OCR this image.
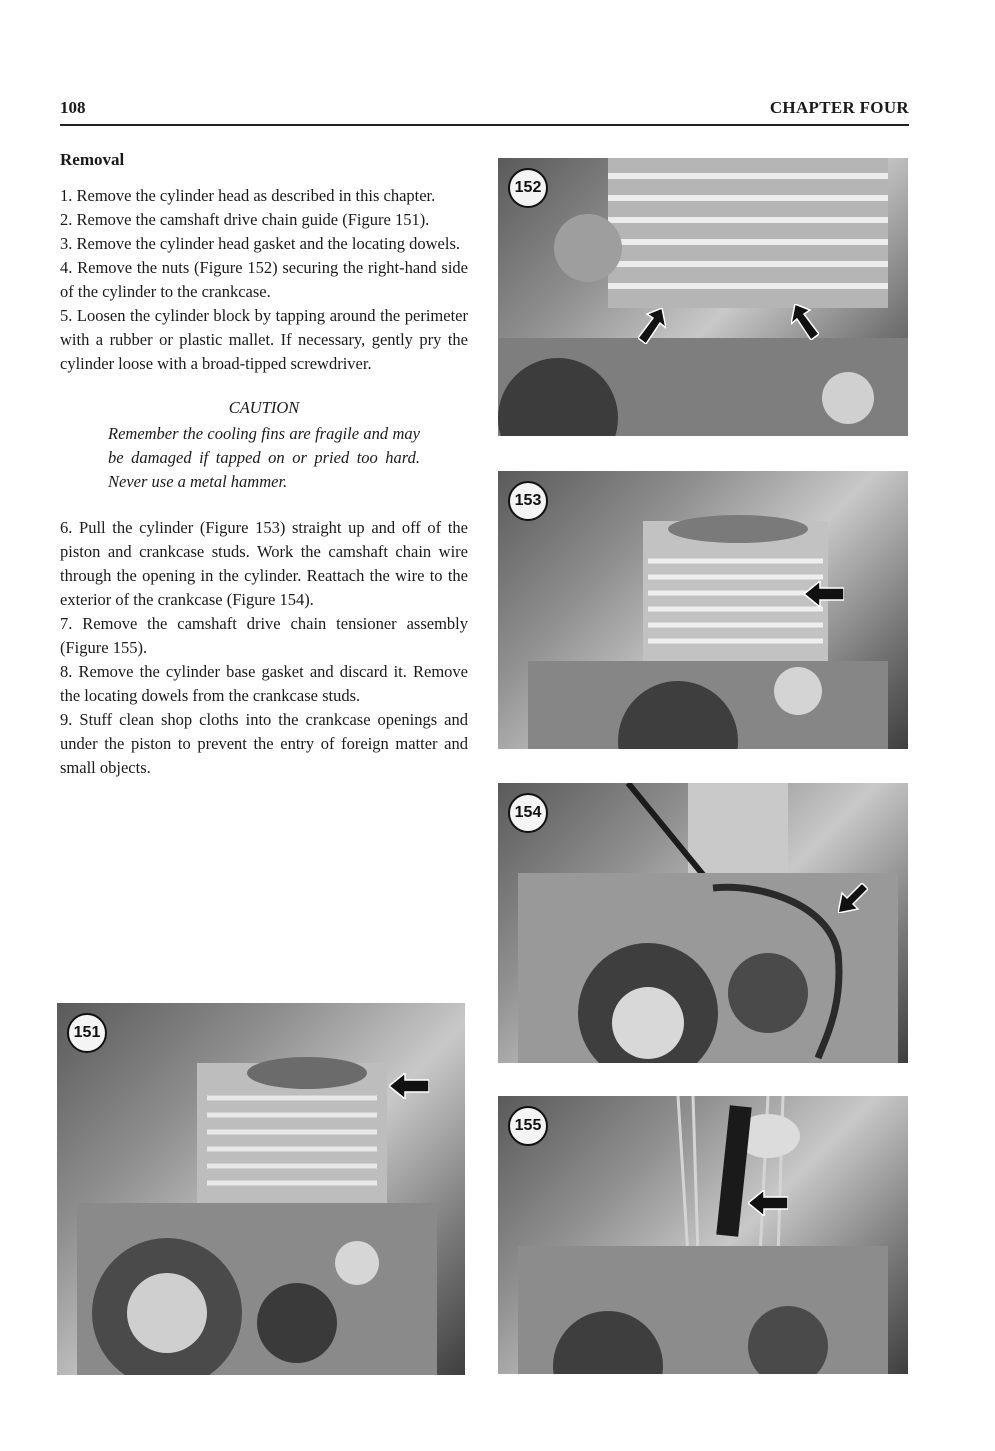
108	CHAPTER FOUR

Removal

1. Remove the cylinder head as described in this chapter.

2. Remove the camshaft drive chain guide (Figure 151).

3. Remove the cylinder head gasket and the locating dowels.

4. Remove the nuts (Figure 152) securing the right-hand side of the cylinder to the crankcase.

5. Loosen the cylinder block by tapping around the perimeter with a rubber or plastic mallet. If necessary, gently pry the cylinder loose with a broad-tipped screwdriver.

CAUTION

Remember the cooling fins are fragile and may be damaged if tapped on or pried too hard. Never use a metal hammer.

6. Pull the cylinder (Figure 153) straight up and off of the piston and crankcase studs. Work the camshaft chain wire through the opening in the cylinder. Reattach the wire to the exterior of the crankcase (Figure 154).

7. Remove the camshaft drive chain tensioner assembly (Figure 155).

8. Remove the cylinder base gasket and discard it. Remove the locating dowels from the crankcase studs.

9. Stuff clean shop cloths into the crankcase openings and under the piston to prevent the entry of foreign matter and small objects.

151
152
153
154
155
